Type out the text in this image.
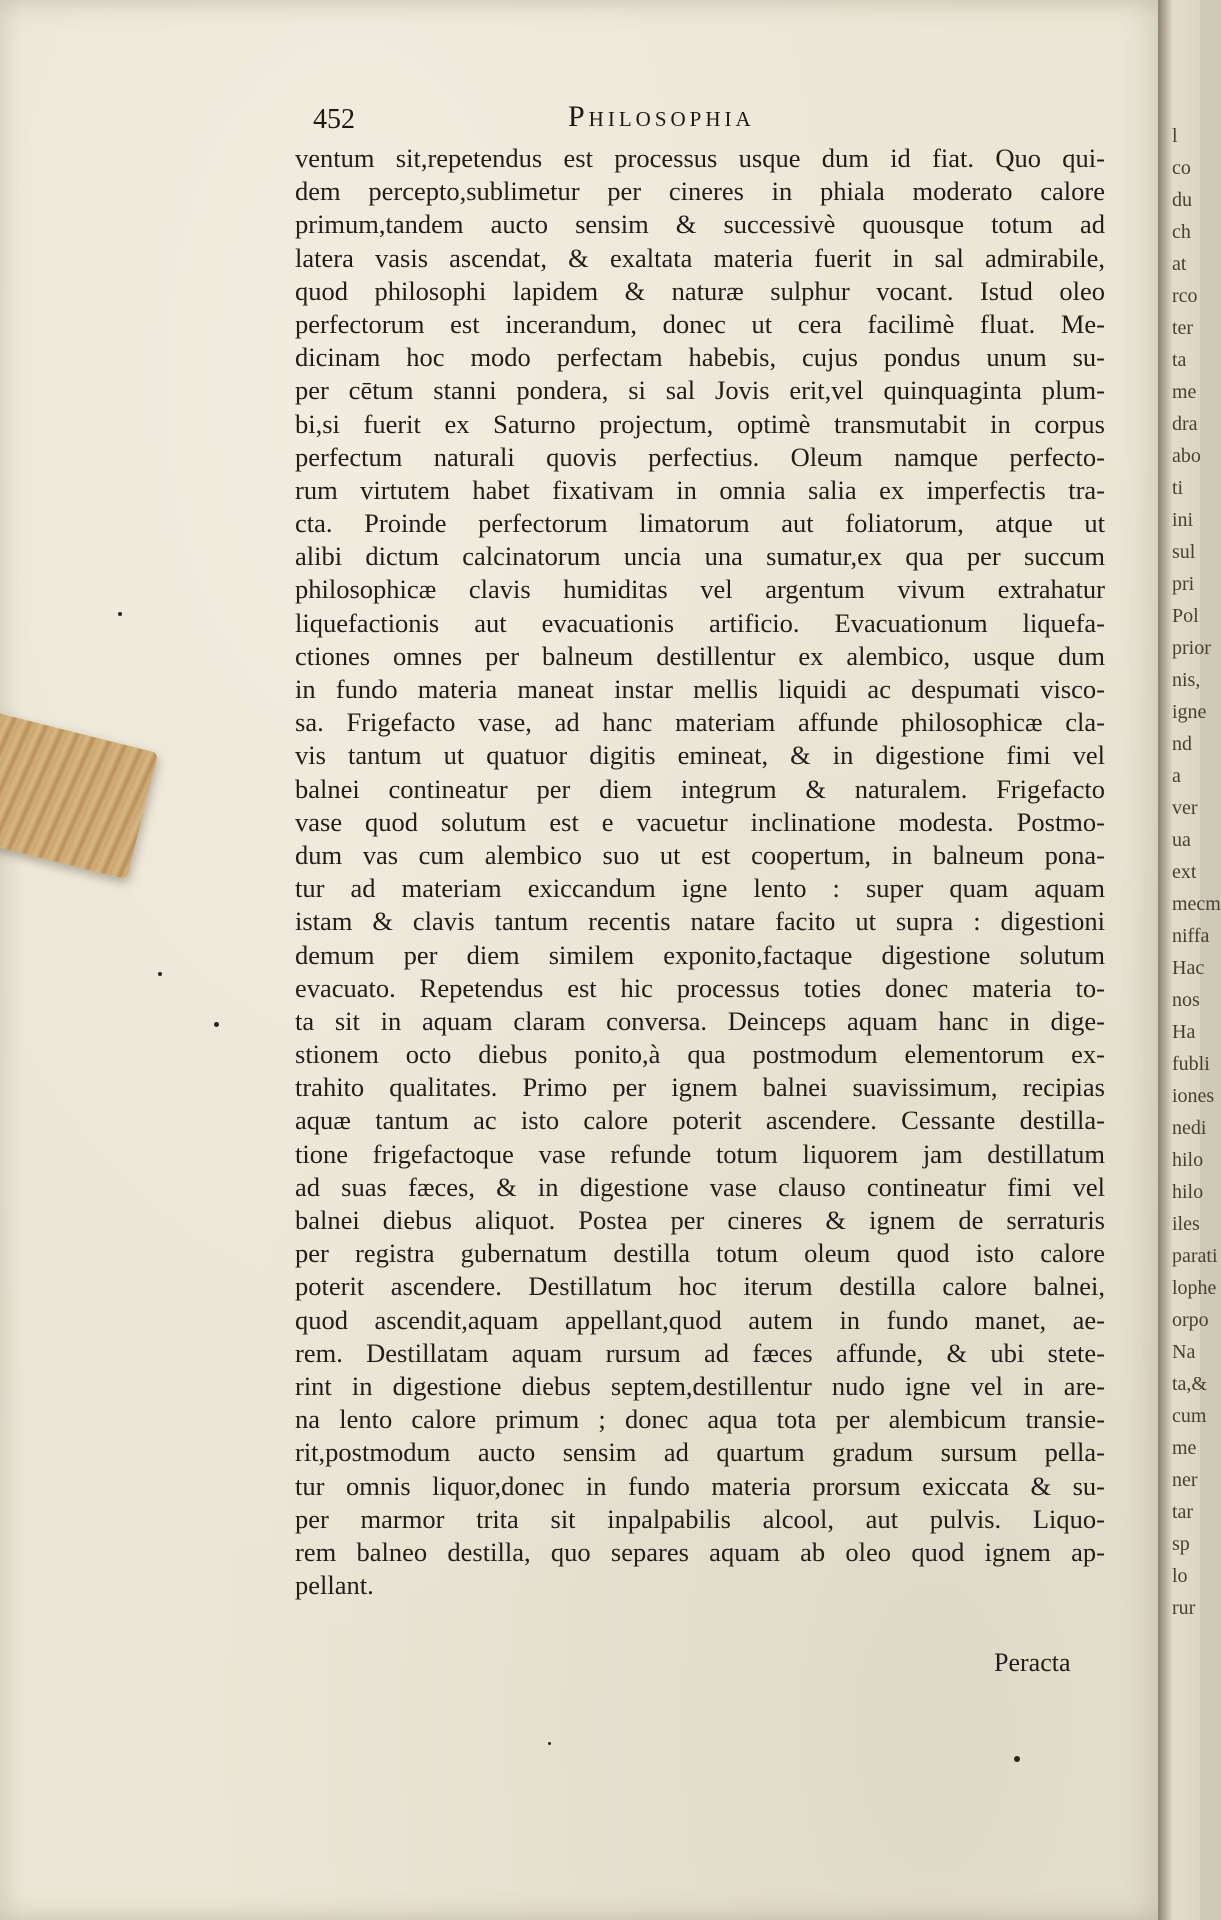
l
co
du
ch
at
rco
ter
ta
me
dra
abo
ti
ini
sul
pri
Pol
prior
nis,
igne
nd
a
ver
ua
ext
mecm
niffa
Hac
nos
Ha
fubli
iones
nedi
hilo
hilo
iles
parati
lophe
orpo
Na
ta,&
cum
me
ner
tar
sp
lo
rur
452	Philosophia
ventum sit,repetendus est processus usque dum id fiat. Quo qui-
dem percepto,sublimetur per cineres in phiala moderato calore
primum,tandem aucto sensim & successivè quousque totum ad
latera vasis ascendat, & exaltata materia fuerit in sal admirabile,
quod philosophi lapidem & naturæ sulphur vocant. Istud oleo
perfectorum est incerandum, donec ut cera facilimè fluat. Me-
dicinam hoc modo perfectam habebis, cujus pondus unum su-
per cētum stanni pondera, si sal Jovis erit,vel quinquaginta plum-
bi,si fuerit ex Saturno projectum, optimè transmutabit in corpus
perfectum naturali quovis perfectius. Oleum namque perfecto-
rum virtutem habet fixativam in omnia salia ex imperfectis tra-
cta. Proinde perfectorum limatorum aut foliatorum, atque ut
alibi dictum calcinatorum uncia una sumatur,ex qua per succum
philosophicæ clavis humiditas vel argentum vivum extrahatur
liquefactionis aut evacuationis artificio. Evacuationum liquefa-
ctiones omnes per balneum destillentur ex alembico, usque dum
in fundo materia maneat instar mellis liquidi ac despumati visco-
sa. Frigefacto vase, ad hanc materiam affunde philosophicæ cla-
vis tantum ut quatuor digitis emineat, & in digestione fimi vel
balnei contineatur per diem integrum & naturalem. Frigefacto
vase quod solutum est e vacuetur inclinatione modesta. Postmo-
dum vas cum alembico suo ut est coopertum, in balneum pona-
tur ad materiam exiccandum igne lento : super quam aquam
istam & clavis tantum recentis natare facito ut supra : digestioni
demum per diem similem exponito,factaque digestione solutum
evacuato. Repetendus est hic processus toties donec materia to-
ta sit in aquam claram conversa. Deinceps aquam hanc in dige-
stionem octo diebus ponito,à qua postmodum elementorum ex-
trahito qualitates. Primo per ignem balnei suavissimum, recipias
aquæ tantum ac isto calore poterit ascendere. Cessante destilla-
tione frigefactoque vase refunde totum liquorem jam destillatum
ad suas fæces, & in digestione vase clauso contineatur fimi vel
balnei diebus aliquot. Postea per cineres & ignem de serraturis
per registra gubernatum destilla totum oleum quod isto calore
poterit ascendere. Destillatum hoc iterum destilla calore balnei,
quod ascendit,aquam appellant,quod autem in fundo manet, ae-
rem. Destillatam aquam rursum ad fæces affunde, & ubi stete-
rint in digestione diebus septem,destillentur nudo igne vel in are-
na lento calore primum ; donec aqua tota per alembicum transie-
rit,postmodum aucto sensim ad quartum gradum sursum pella-
tur omnis liquor,donec in fundo materia prorsum exiccata & su-
per marmor trita sit inpalpabilis alcool, aut pulvis. Liquo-
rem balneo destilla, quo separes aquam ab oleo quod ignem ap-
pellant.
Peracta
